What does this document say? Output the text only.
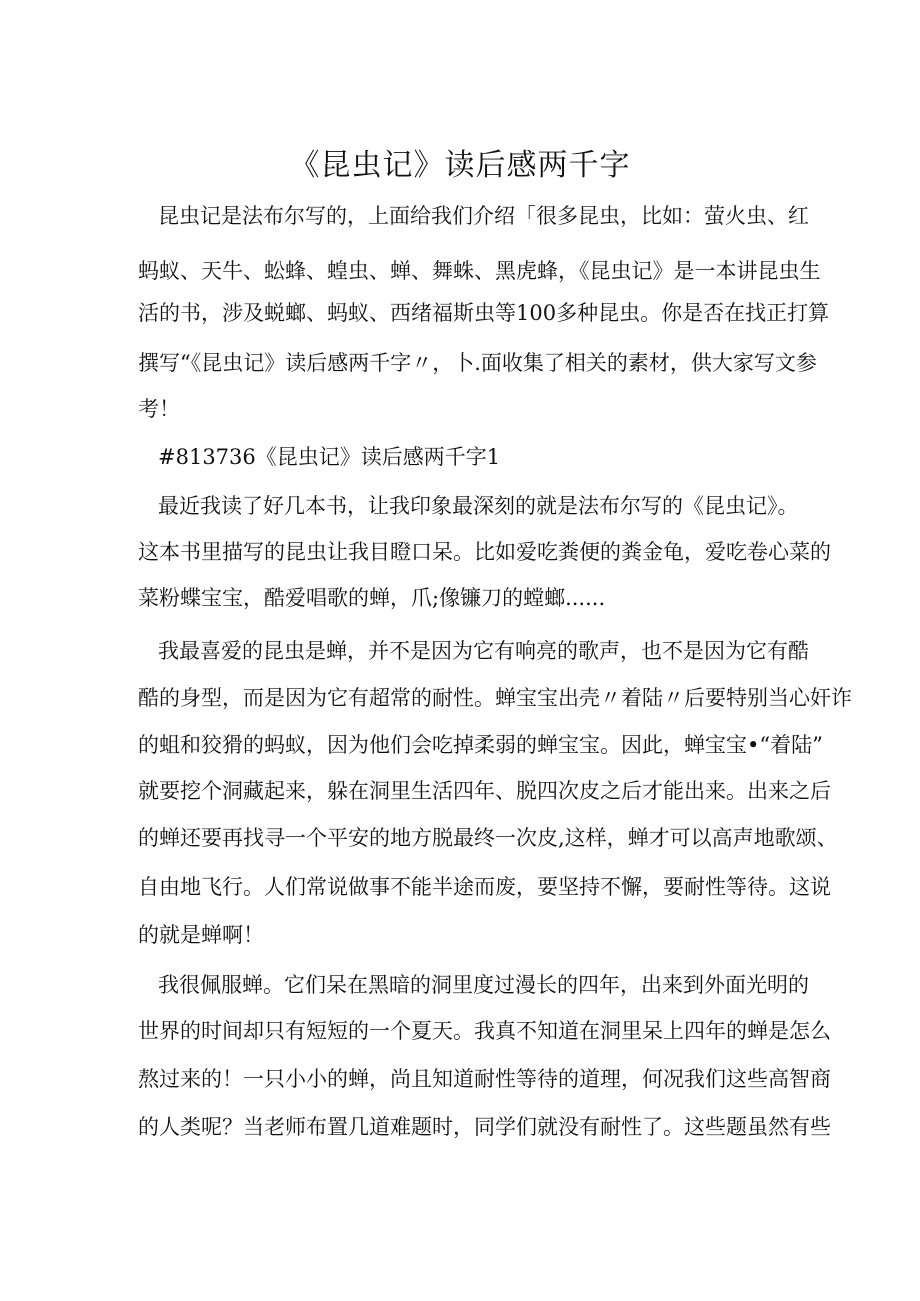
《昆虫记》读后感两千字

昆虫记是法布尔写的，上面给我们介绍「很多昆虫，比如：萤火虫、红

蚂蚁、天牛、蚣蜂、蝗虫、蝉、舞蛛、黑虎蜂，《昆虫记》是一本讲昆虫生

活的书，涉及蜕螂、蚂蚁、西绪福斯虫等100多种昆虫。你是否在找正打算

撰写“《昆虫记》读后感两千字〃，卜.面收集了相关的素材，供大家写文参

考！

#813736《昆虫记》读后感两千字1

最近我读了好几本书，让我印象最深刻的就是法布尔写的《昆虫记》。

这本书里描写的昆虫让我目瞪口呆。比如爱吃粪便的粪金龟，爱吃卷心菜的

菜粉蝶宝宝，酷爱唱歌的蝉，爪;像镰刀的螳螂......

我最喜爱的昆虫是蝉，并不是因为它有响亮的歌声，也不是因为它有酷

酷的身型，而是因为它有超常的耐性。蝉宝宝出壳〃着陆〃后要特别当心奸诈

的蛆和狡猾的蚂蚁，因为他们会吃掉柔弱的蝉宝宝。因此，蝉宝宝•“着陆”

就要挖个洞藏起来，躲在洞里生活四年、脱四次皮之后才能出来。出来之后

的蝉还要再找寻一个平安的地方脱最终一次皮,这样，蝉才可以高声地歌颂、

自由地飞行。人们常说做事不能半途而废，要坚持不懈，要耐性等待。这说

的就是蝉啊！

我很佩服蝉。它们呆在黑暗的洞里度过漫长的四年，出来到外面光明的

世界的时间却只有短短的一个夏天。我真不知道在洞里呆上四年的蝉是怎么

熬过来的！一只小小的蝉，尚且知道耐性等待的道理，何况我们这些高智商

的人类呢？当老师布置几道难题时，同学们就没有耐性了。这些题虽然有些
